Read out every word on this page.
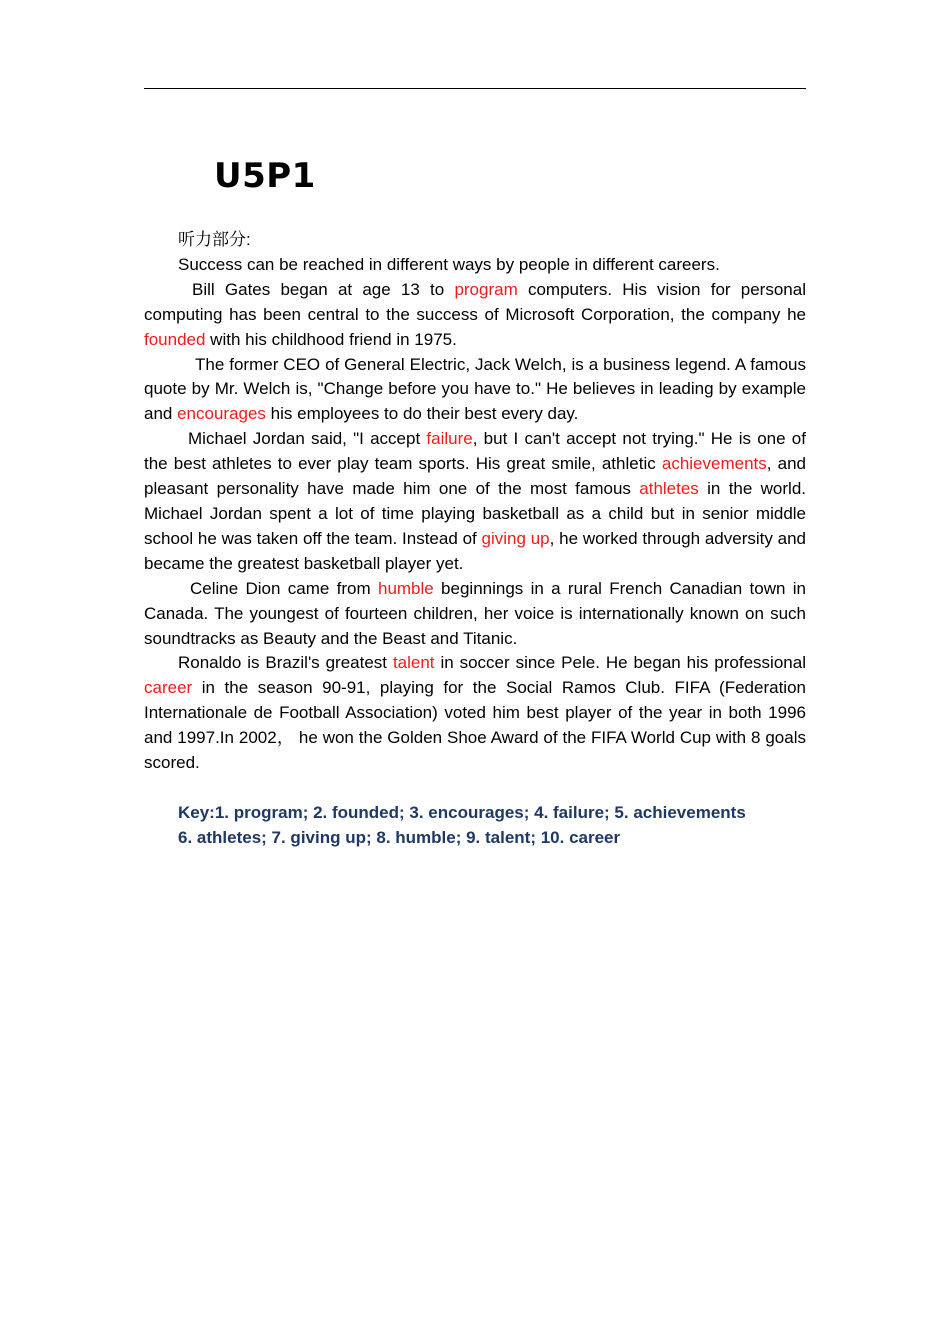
U5P1

听力部分:

Success can be reached in different ways by people in different careers.

Bill Gates began at age 13 to program computers. His vision for personal computing has been central to the success of Microsoft Corporation, the company he founded with his childhood friend in 1975.

The former CEO of General Electric, Jack Welch, is a business legend. A famous quote by Mr. Welch is, "Change before you have to." He believes in leading by example and encourages his employees to do their best every day.

Michael Jordan said, "I accept failure, but I can't accept not trying." He is one of the best athletes to ever play team sports. His great smile, athletic achievements, and pleasant personality have made him one of the most famous athletes in the world. Michael Jordan spent a lot of time playing basketball as a child but in senior middle school he was taken off the team. Instead of giving up, he worked through adversity and became the greatest basketball player yet.

Celine Dion came from humble beginnings in a rural French Canadian town in Canada. The youngest of fourteen children, her voice is internationally known on such soundtracks as Beauty and the Beast and Titanic.

Ronaldo is Brazil's greatest talent in soccer since Pele. He began his professional career in the season 90-91, playing for the Social Ramos Club. FIFA (Federation Internationale de Football Association) voted him best player of the year in both 1996 and 1997.In 2002， he won the Golden Shoe Award of the FIFA World Cup with 8 goals scored.

Key:1. program; 2. founded; 3. encourages; 4. failure; 5. achievements
6. athletes; 7. giving up; 8. humble; 9. talent; 10. career
